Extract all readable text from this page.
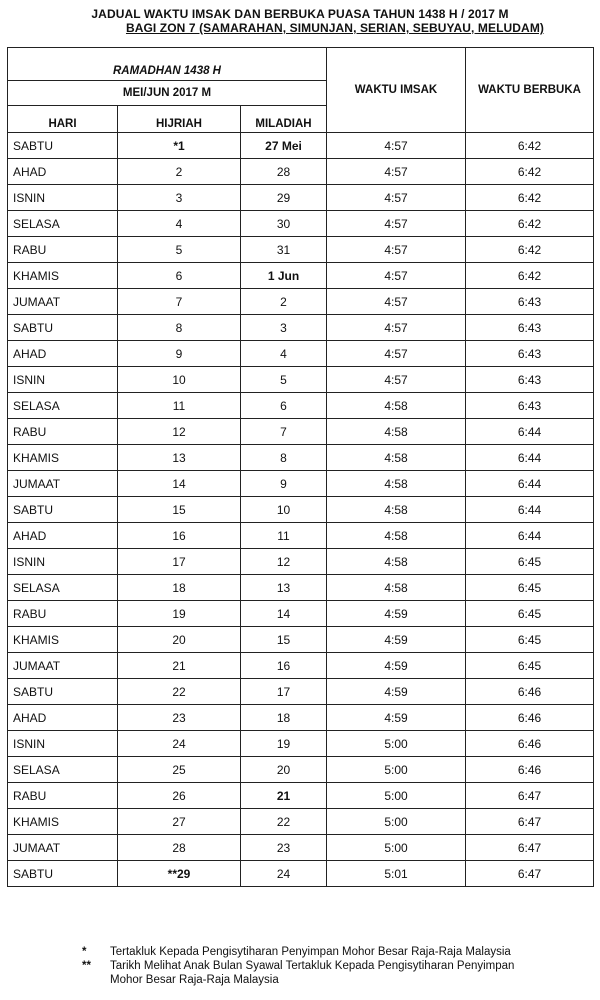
JADUAL WAKTU IMSAK DAN BERBUKA PUASA TAHUN 1438 H / 2017 M
BAGI ZON 7 (SAMARAHAN, SIMUNJAN, SERIAN, SEBUYAU, MELUDAM)
RAMADHAN 1438 H			WAKTU IMSAK	WAKTU BERBUKA
MEI/JUN 2017 M				
HARI	HIJRIAH	MILADIAH		
SABTU	*1	27 Mei	4:57	6:42
AHAD	2	28	4:57	6:42
ISNIN	3	29	4:57	6:42
SELASA	4	30	4:57	6:42
RABU	5	31	4:57	6:42
KHAMIS	6	1 Jun	4:57	6:42
JUMAAT	7	2	4:57	6:43
SABTU	8	3	4:57	6:43
AHAD	9	4	4:57	6:43
ISNIN	10	5	4:57	6:43
SELASA	11	6	4:58	6:43
RABU	12	7	4:58	6:44
KHAMIS	13	8	4:58	6:44
JUMAAT	14	9	4:58	6:44
SABTU	15	10	4:58	6:44
AHAD	16	11	4:58	6:44
ISNIN	17	12	4:58	6:45
SELASA	18	13	4:58	6:45
RABU	19	14	4:59	6:45
KHAMIS	20	15	4:59	6:45
JUMAAT	21	16	4:59	6:45
SABTU	22	17	4:59	6:46
AHAD	23	18	4:59	6:46
ISNIN	24	19	5:00	6:46
SELASA	25	20	5:00	6:46
RABU	26	21	5:00	6:47
KHAMIS	27	22	5:00	6:47
JUMAAT	28	23	5:00	6:47
SABTU	**29	24	5:01	6:47
*	Tertakluk Kepada Pengisytiharan Penyimpan Mohor Besar Raja-Raja Malaysia
**	Tarikh Melihat Anak Bulan Syawal Tertakluk Kepada Pengisytiharan Penyimpan Mohor Besar Raja-Raja Malaysia
